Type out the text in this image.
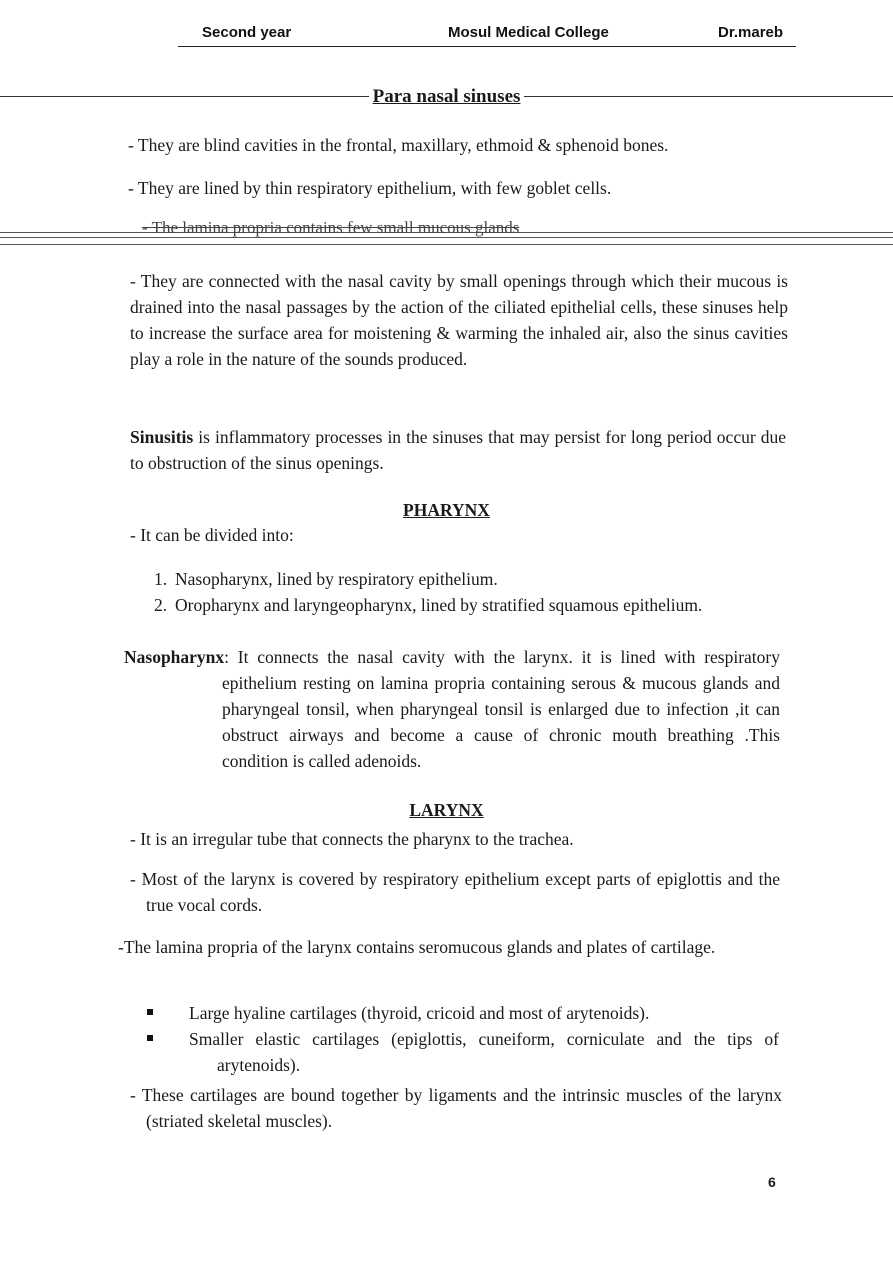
Second year	Mosul Medical College	Dr.mareb
Para nasal sinuses

- They are blind cavities in the frontal, maxillary, ethmoid & sphenoid bones.

- They are lined by thin respiratory epithelium, with few goblet cells.

- The lamina propria contains few small mucous glands

- They are connected with the nasal cavity by small openings through which their mucous is drained into the nasal passages by the action of the ciliated epithelial cells, these sinuses help to increase the surface area for moistening & warming the inhaled air, also the sinus cavities play a role in the nature of the sounds produced.

Sinusitis is inflammatory processes in the sinuses that may persist for long period occur due to obstruction of the sinus openings.

PHARYNX

- It can be divided into:

1. Nasopharynx, lined by respiratory epithelium.

2. Oropharynx and laryngeopharynx, lined by stratified squamous epithelium.

Nasopharynx: It connects the nasal cavity with the larynx. it is lined with respiratory epithelium resting on lamina propria containing serous & mucous glands and pharyngeal tonsil, when pharyngeal tonsil is enlarged due to infection ,it can obstruct airways and become a cause of chronic mouth breathing .This condition is called adenoids.

LARYNX

- It is an irregular tube that connects the pharynx to the trachea.

- Most of the larynx is covered by respiratory epithelium except parts of epiglottis and the true vocal cords.

-The lamina propria of the larynx contains seromucous glands and plates of cartilage.

Large hyaline cartilages (thyroid, cricoid and most of arytenoids).

Smaller elastic cartilages (epiglottis, cuneiform, corniculate and the tips of arytenoids).

- These cartilages are bound together by ligaments and the intrinsic muscles of the larynx (striated skeletal muscles).

6
